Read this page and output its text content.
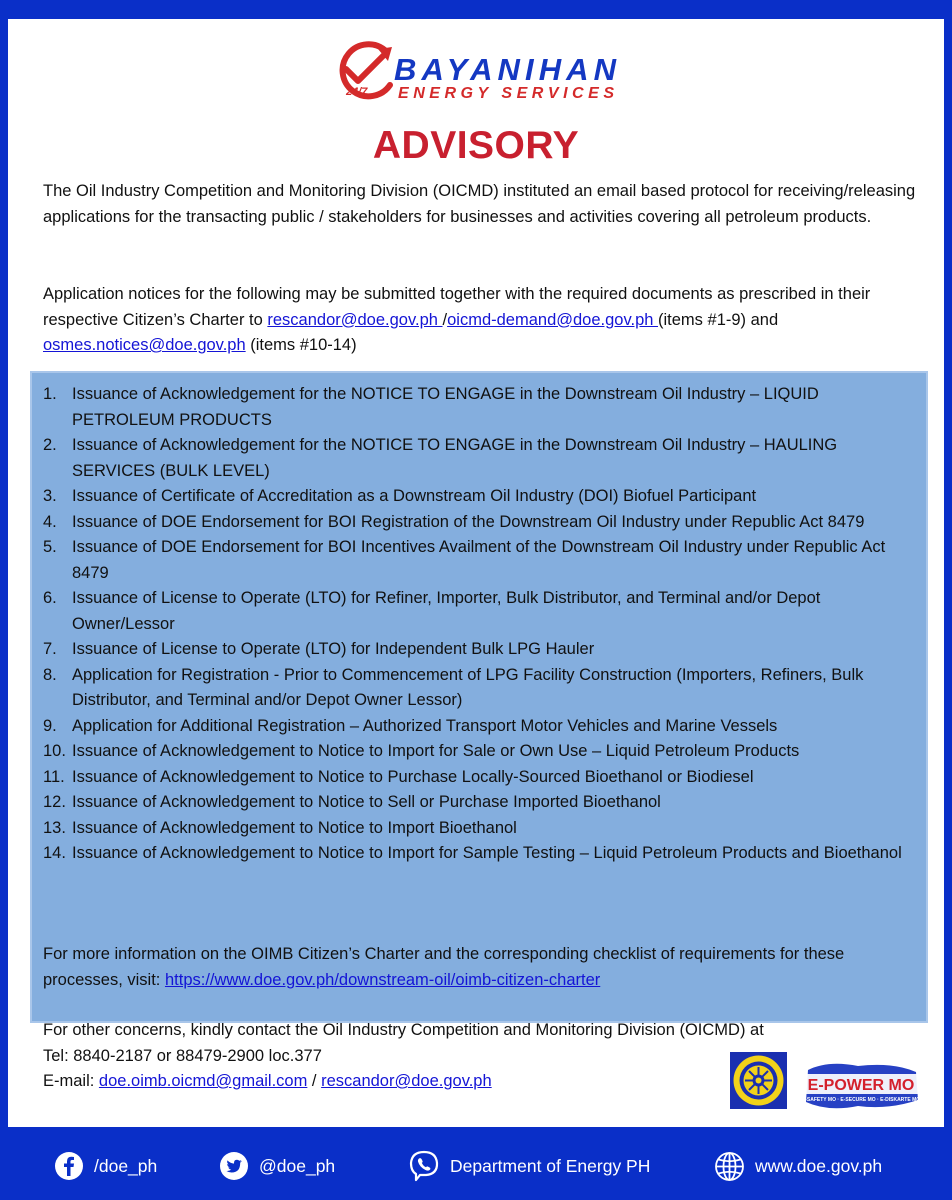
24/7
BAYANIHAN
ENERGY SERVICES
ADVISORY
The Oil Industry Competition and Monitoring Division (OICMD) instituted an email based protocol for receiving/releasing applications for the transacting public / stakeholders for businesses and activities covering all petroleum products.
Application notices for the following may be submitted together with the required documents as prescribed in their respective Citizen’s Charter to rescandor@doe.gov.ph /oicmd-demand@doe.gov.ph (items #1-9) and osmes.notices@doe.gov.ph (items #10-14)
1. Issuance of Acknowledgement for the NOTICE TO ENGAGE in the Downstream Oil Industry – LIQUID PETROLEUM PRODUCTS
2. Issuance of Acknowledgement for the NOTICE TO ENGAGE in the Downstream Oil Industry – HAULING SERVICES (BULK LEVEL)
3. Issuance of Certificate of Accreditation as a Downstream Oil Industry (DOI) Biofuel Participant
4. Issuance of DOE Endorsement for BOI Registration of the Downstream Oil Industry under Republic Act 8479
5. Issuance of DOE Endorsement for BOI Incentives Availment of the Downstream Oil Industry under Republic Act 8479
6. Issuance of License to Operate (LTO) for Refiner, Importer, Bulk Distributor, and Terminal and/or Depot Owner/Lessor
7. Issuance of License to Operate (LTO) for Independent Bulk LPG Hauler
8. Application for Registration - Prior to Commencement of LPG Facility Construction (Importers, Refiners, Bulk Distributor, and Terminal and/or Depot Owner Lessor)
9. Application for Additional Registration – Authorized Transport Motor Vehicles and Marine Vessels
10. Issuance of Acknowledgement to Notice to Import for Sale or Own Use – Liquid Petroleum Products
11. Issuance of Acknowledgement to Notice to Purchase Locally-Sourced Bioethanol or Biodiesel
12. Issuance of Acknowledgement to Notice to Sell or Purchase Imported Bioethanol
13. Issuance of Acknowledgement to Notice to Import Bioethanol
14. Issuance of Acknowledgement to Notice to Import for Sample Testing – Liquid Petroleum Products and Bioethanol
For more information on the OIMB Citizen’s Charter and the corresponding checklist of requirements for these processes, visit: https://www.doe.gov.ph/downstream-oil/oimb-citizen-charter
For other concerns, kindly contact the Oil Industry Competition and Monitoring Division (OICMD) at
Tel: 8840-2187 or 88479-2900 loc.377
E-mail: doe.oimb.oicmd@gmail.com / rescandor@doe.gov.ph	E-POWER MO
E-SAFETY MO · E-SECURE MO · E-DISKARTE MO
/doe_ph	@doe_ph	Department of Energy PH	www.doe.gov.ph
